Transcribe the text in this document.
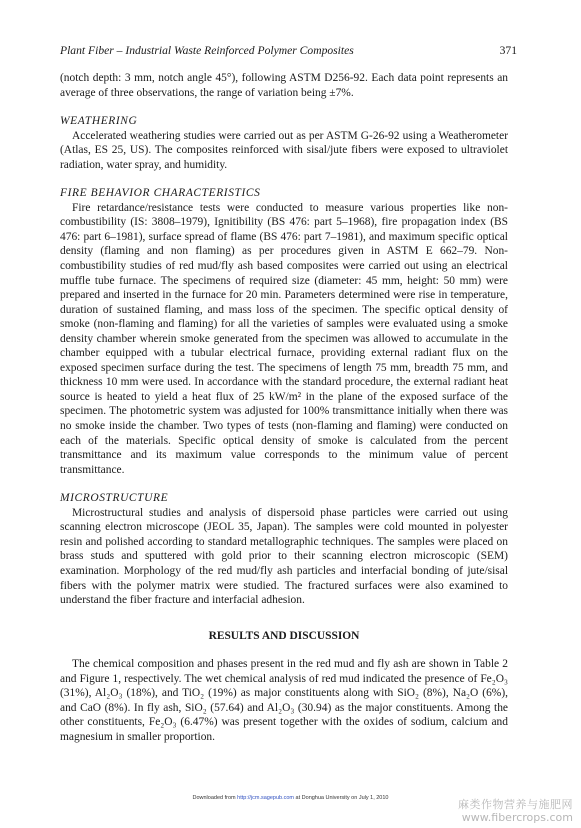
Plant Fiber – Industrial Waste Reinforced Polymer Composites	371

(notch depth: 3 mm, notch angle 45°), following ASTM D256-92. Each data point represents an average of three observations, the range of variation being ±7%.

WEATHERING

Accelerated weathering studies were carried out as per ASTM G-26-92 using a Weatherometer (Atlas, ES 25, US). The composites reinforced with sisal/jute fibers were exposed to ultraviolet radiation, water spray, and humidity.

FIRE BEHAVIOR CHARACTERISTICS

Fire retardance/resistance tests were conducted to measure various properties like non-combustibility (IS: 3808–1979), Ignitibility (BS 476: part 5–1968), fire propagation index (BS 476: part 6–1981), surface spread of flame (BS 476: part 7–1981), and maximum specific optical density (flaming and non flaming) as per procedures given in ASTM E 662–79. Non-combustibility studies of red mud/fly ash based composites were carried out using an electrical muffle tube furnace. The specimens of required size (diameter: 45 mm, height: 50 mm) were prepared and inserted in the furnace for 20 min. Parameters determined were rise in temperature, duration of sustained flaming, and mass loss of the specimen. The specific optical density of smoke (non-flaming and flaming) for all the varieties of samples were evaluated using a smoke density chamber wherein smoke generated from the specimen was allowed to accumulate in the chamber equipped with a tubular electrical furnace, providing external radiant flux on the exposed specimen surface during the test. The specimens of length 75 mm, breadth 75 mm, and thickness 10 mm were used. In accordance with the standard procedure, the external radiant heat source is heated to yield a heat flux of 25 kW/m² in the plane of the exposed surface of the specimen. The photometric system was adjusted for 100% transmittance initially when there was no smoke inside the chamber. Two types of tests (non-flaming and flaming) were conducted on each of the materials. Specific optical density of smoke is calculated from the percent transmittance and its maximum value corresponds to the minimum value of percent transmittance.

MICROSTRUCTURE

Microstructural studies and analysis of dispersoid phase particles were carried out using scanning electron microscope (JEOL 35, Japan). The samples were cold mounted in polyester resin and polished according to standard metallographic techniques. The samples were placed on brass studs and sputtered with gold prior to their scanning electron microscopic (SEM) examination. Morphology of the red mud/fly ash particles and interfacial bonding of jute/sisal fibers with the polymer matrix were studied. The fractured surfaces were also examined to understand the fiber fracture and interfacial adhesion.

RESULTS AND DISCUSSION

The chemical composition and phases present in the red mud and fly ash are shown in Table 2 and Figure 1, respectively. The wet chemical analysis of red mud indicated the presence of Fe₂O₃ (31%), Al₂O₃ (18%), and TiO₂ (19%) as major constituents along with SiO₂ (8%), Na₂O (6%), and CaO (8%). In fly ash, SiO₂ (57.64) and Al₂O₃ (30.94) as the major constituents. Among the other constituents, Fe₂O₃ (6.47%) was present together with the oxides of sodium, calcium and magnesium in smaller proportion.

Downloaded from http://jcm.sagepub.com at Donghua University on July 1, 2010	麻类作物营养与施肥网
www.fibercrops.com
